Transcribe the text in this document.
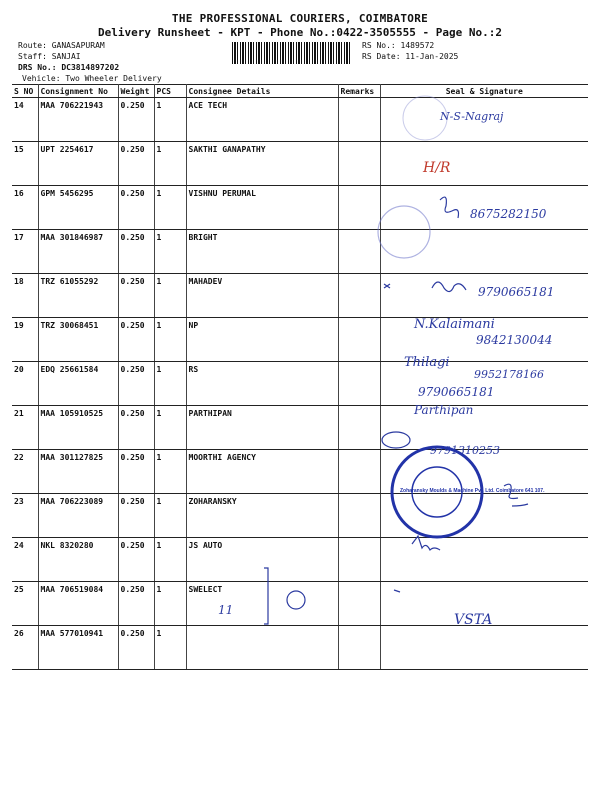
THE PROFESSIONAL COURIERS, COIMBATORE
Delivery Runsheet - KPT - Phone No.:0422-3505555 - Page No.:2
Route: GANASAPURAM
Staff: SANJAI
DRS No.: DC3814897202
Vehicle: Two Wheeler Delivery
RS No.: 1489572
RS Date: 11-Jan-2025
S NO	Consignment No	Weight	PCS	Consignee Details	Remarks	Seal & Signature
14	MAA 706221943	0.250	1	ACE TECH		
15	UPT 2254617	0.250	1	SAKTHI GANAPATHY		
16	GPM 5456295	0.250	1	VISHNU PERUMAL		
17	MAA 301846987	0.250	1	BRIGHT		
18	TRZ 61055292	0.250	1	MAHADEV		
19	TRZ 30068451	0.250	1	NP		
20	EDQ 25661584	0.250	1	RS		
21	MAA 105910525	0.250	1	PARTHIPAN		
22	MAA 301127825	0.250	1	MOORTHI AGENCY		
23	MAA 706223089	0.250	1	ZOHARANSKY		
24	NKL 8320280	0.250	1	JS AUTO		
25	MAA 706519084	0.250	1	SWELECT		
26	MAA 577010941	0.250	1			
N-S-Nagraj
H/R
8675282150
9790665181
N.Kalaimani
9842130044
Thilagi
9952178166
9790665181
Parthipan
9791310253
Zoharansky Moulds & Machine Pvt. Ltd. Coimbatore 641 107.
11
VSTA
